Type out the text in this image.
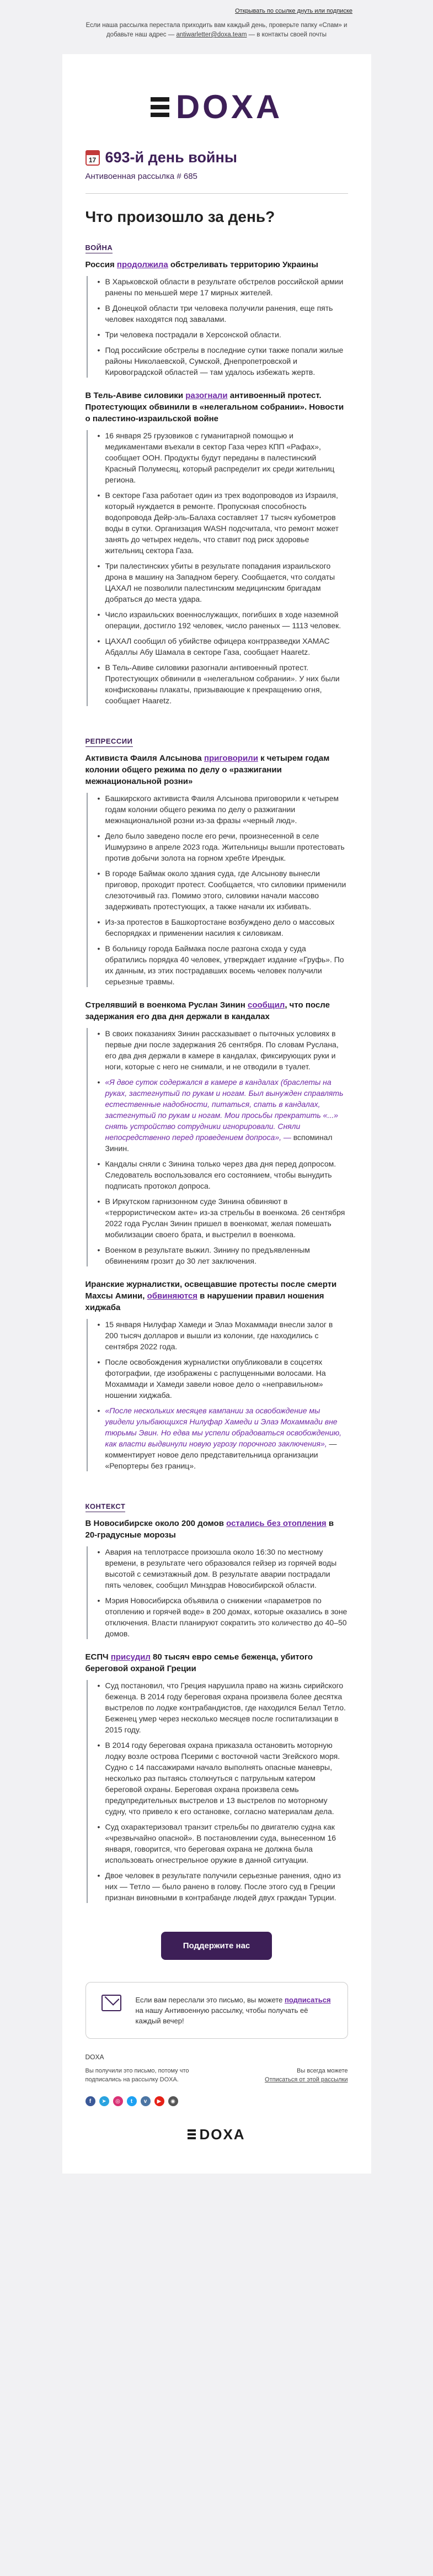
Открывать по ссылке днуть или подписке
Если наша рассылка перестала приходить вам каждый день, проверьте папку «Спам» и добавьте наш адрес — antiwarletter@doxa.team — в контакты своей почты
DOXA
17 693-й день войны
Антивоенная рассылка # 685
Что произошло за день?
ВОЙНА

Россия продолжила обстреливать территорию Украины

• В Харьковской области в результате обстрелов российской армии ранены по меньшей мере 17 мирных жителей.
• В Донецкой области три человека получили ранения, еще пять человек находятся под завалами.
• Три человека пострадали в Херсонской области.
• Под российские обстрелы в последние сутки также попали жилые районы Николаевской, Сумской, Днепропетровской и Кировоградской областей — там удалось избежать жертв.

В Тель-Авиве силовики разогнали антивоенный протест. Протестующих обвинили в «нелегальном собрании». Новости о палестино-израильской войне

• 16 января 25 грузовиков с гуманитарной помощью и медикаментами въехали в сектор Газа через КПП «Рафах», сообщает ООН. Продукты будут переданы в палестинский Красный Полумесяц, который распределит их среди жительниц региона.
• В секторе Газа работает один из трех водопроводов из Израиля, который нуждается в ремонте. Пропускная способность водопровода Дейр-эль-Балаха составляет 17 тысяч кубометров воды в сутки. Организация WASH подсчитала, что ремонт может занять до четырех недель, что ставит под риск здоровье жительниц сектора Газа.
• Три палестинских убиты в результате попадания израильского дрона в машину на Западном берегу. Сообщается, что солдаты ЦАХАЛ не позволили палестинским медицинским бригадам добраться до места удара.
• Число израильских военнослужащих, погибших в ходе наземной операции, достигло 192 человек, число раненых — 1113 человек.
• ЦАХАЛ сообщил об убийстве офицера контрразведки ХАМАС Абдаллы Абу Шамала в секторе Газа, сообщает Haaretz.
• В Тель-Авиве силовики разогнали антивоенный протест. Протестующих обвинили в «нелегальном собрании». У них были конфискованы плакаты, призывающие к прекращению огня, сообщает Haaretz.
РЕПРЕССИИ

Активиста Фаиля Алсынова приговорили к четырем годам колонии общего режима по делу о «разжигании межнациональной розни»

• Башкирского активиста Фаиля Алсынова приговорили к четырем годам колонии общего режима по делу о разжигании межнациональной розни из-за фразы «черный люд».
• Дело было заведено после его речи, произнесенной в селе Ишмурзино в апреле 2023 года. Жительницы вышли протестовать против добычи золота на горном хребте Ирендык.
• В городе Баймак около здания суда, где Алсынову вынесли приговор, проходит протест. Сообщается, что силовики применили слезоточивый газ. Помимо этого, силовики начали массово задерживать протестующих, а также начали их избивать.
• Из-за протестов в Башкортостане возбуждено дело о массовых беспорядках и применении насилия к силовикам.
• В больницу города Баймака после разгона схода у суда обратились порядка 40 человек, утверждает издание «Груфь». По их данным, из этих пострадавших восемь человек получили серьезные травмы.

Стрелявший в военкома Руслан Зинин сообщил, что после задержания его два дня держали в кандалах

• В своих показаниях Зинин рассказывает о пыточных условиях в первые дни после задержания 26 сентября. По словам Руслана, его два дня держали в камере в кандалах, фиксирующих руки и ноги, которые с него не снимали, и не отводили в туалет.
• «Я двое суток содержался в камере в кандалах (браслеты на руках, застегнутый по рукам и ногам. Был вынужден справлять естественные надобности, питаться, спать в кандалах, застегнутый по рукам и ногам. Мои просьбы прекратить «...» снять устройство сотрудники игнорировали. Сняли непосредственно перед проведением допроса», — вспоминал Зинин.
• Кандалы сняли с Зинина только через два дня перед допросом. Следователь воспользовался его состоянием, чтобы вынудить подписать протокол допроса.
• В Иркутском гарнизонном суде Зинина обвиняют в «террористическом акте» из-за стрельбы в военкома. 26 сентября 2022 года Руслан Зинин пришел в военкомат, желая помешать мобилизации своего брата, и выстрелил в военкома.
• Военком в результате выжил. Зинину по предъявленным обвинениям грозит до 30 лет заключения.

Иранские журналистки, освещавшие протесты после смерти Махсы Амини, обвиняются в нарушении правил ношения хиджаба

• 15 января Нилуфар Хамеди и Элаэ Мохаммади внесли залог в 200 тысяч долларов и вышли из колонии, где находились с сентября 2022 года.
• После освобождения журналистки опубликовали в соцсетях фотографии, где изображены с распущенными волосами. На Мохаммади и Хамеди завели новое дело о «неправильном» ношении хиджаба.
• «После нескольких месяцев кампании за освобождение мы увидели улыбающихся Нилуфар Хамеди и Элаэ Мохаммади вне тюрьмы Эвин. Но едва мы успели обрадоваться освобождению, как власти выдвинули новую угрозу порочного заключения», — комментирует новое дело представительница организации «Репортеры без границ».
КОНТЕКСТ

В Новосибирске около 200 домов остались без отопления в 20-градусные морозы

• Авария на теплотрассе произошла около 16:30 по местному времени, в результате чего образовался гейзер из горячей воды высотой с семиэтажный дом. В результате аварии пострадали пять человек, сообщил Минздрав Новосибирской области.
• Мэрия Новосибирска объявила о снижении «параметров по отоплению и горячей воде» в 200 домах, которые оказались в зоне отключения. Власти планируют сократить это количество до 40–50 домов.

ЕСПЧ присудил 80 тысяч евро семье беженца, убитого береговой охраной Греции

• Суд постановил, что Греция нарушила право на жизнь сирийского беженца. В 2014 году береговая охрана произвела более десятка выстрелов по лодке контрабандистов, где находился Белал Тетло. Беженец умер через несколько месяцев после госпитализации в 2015 году.
• В 2014 году береговая охрана приказала остановить моторную лодку возле острова Псерими с восточной части Эгейского моря. Судно с 14 пассажирами начало выполнять опасные маневры, несколько раз пытаясь столкнуться с патрульным катером береговой охраны. Береговая охрана произвела семь предупредительных выстрелов и 13 выстрелов по моторному судну, что привело к его остановке, согласно материалам дела.
• Суд охарактеризовал транзит стрельбы по двигателю судна как «чрезвычайно опасной». В постановлении суда, вынесенном 16 января, говорится, что береговая охрана не должна была использовать огнестрельное оружие в данной ситуации.
• Двое человек в результате получили серьезные ранения, одно из них — Тетло — было ранено в голову. После этого суд в Греции признан виновными в контрабанде людей двух граждан Турции.
Поддержите нас
Если вам переслали это письмо, вы можете подписаться на нашу Антивоенную рассылку, чтобы получать её каждый вечер!
DOXA
Вы получили это письмо, потому что подписались на рассылку DOXA.
Вы всегда можете
Отписаться от этой рассылки
f	➤	◎	t	v	▶	◉
DOXA
